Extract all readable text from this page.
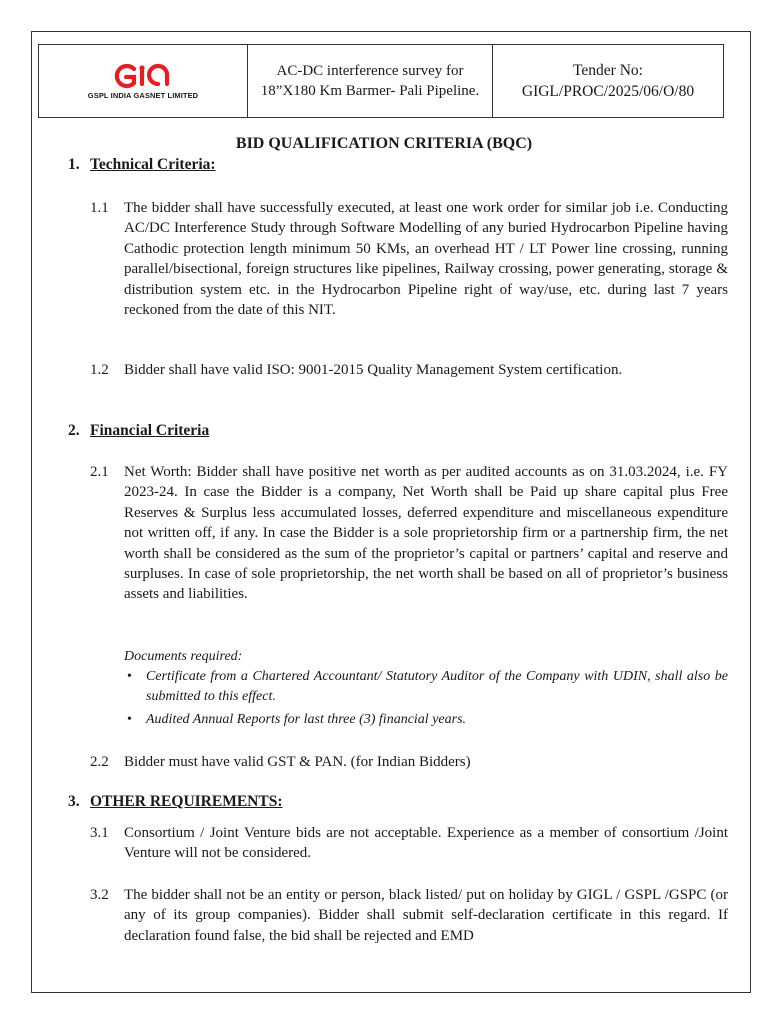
GSPL INDIA GASNET LIMITED
AC-DC interference survey for 18”X180 Km Barmer- Pali Pipeline.
Tender No:
GIGL/PROC/2025/06/O/80
BID QUALIFICATION CRITERIA (BQC)
1. Technical Criteria:
1.1 The bidder shall have successfully executed, at least one work order for similar job i.e. Conducting AC/DC Interference Study through Software Modelling of any buried Hydrocarbon Pipeline having Cathodic protection length minimum 50 KMs, an overhead HT / LT Power line crossing, running parallel/bisectional, foreign structures like pipelines, Railway crossing, power generating, storage & distribution system etc. in the Hydrocarbon Pipeline right of way/use, etc. during last 7 years reckoned from the date of this NIT.
1.2 Bidder shall have valid ISO: 9001-2015 Quality Management System certification.
2. Financial Criteria
2.1 Net Worth: Bidder shall have positive net worth as per audited accounts as on 31.03.2024, i.e. FY 2023-24. In case the Bidder is a company, Net Worth shall be Paid up share capital plus Free Reserves & Surplus less accumulated losses, deferred expenditure and miscellaneous expenditure not written off, if any. In case the Bidder is a sole proprietorship firm or a partnership firm, the net worth shall be considered as the sum of the proprietor’s capital or partners’ capital and reserve and surpluses. In case of sole proprietorship, the net worth shall be based on all of proprietor’s business assets and liabilities.
Documents required:
• Certificate from a Chartered Accountant/ Statutory Auditor of the Company with UDIN, shall also be submitted to this effect.
• Audited Annual Reports for last three (3) financial years.
2.2 Bidder must have valid GST & PAN. (for Indian Bidders)
3. OTHER REQUIREMENTS:
3.1 Consortium / Joint Venture bids are not acceptable. Experience as a member of consortium /Joint Venture will not be considered.
3.2 The bidder shall not be an entity or person, black listed/ put on holiday by GIGL / GSPL /GSPC (or any of its group companies). Bidder shall submit self-declaration certificate in this regard. If declaration found false, the bid shall be rejected and EMD
